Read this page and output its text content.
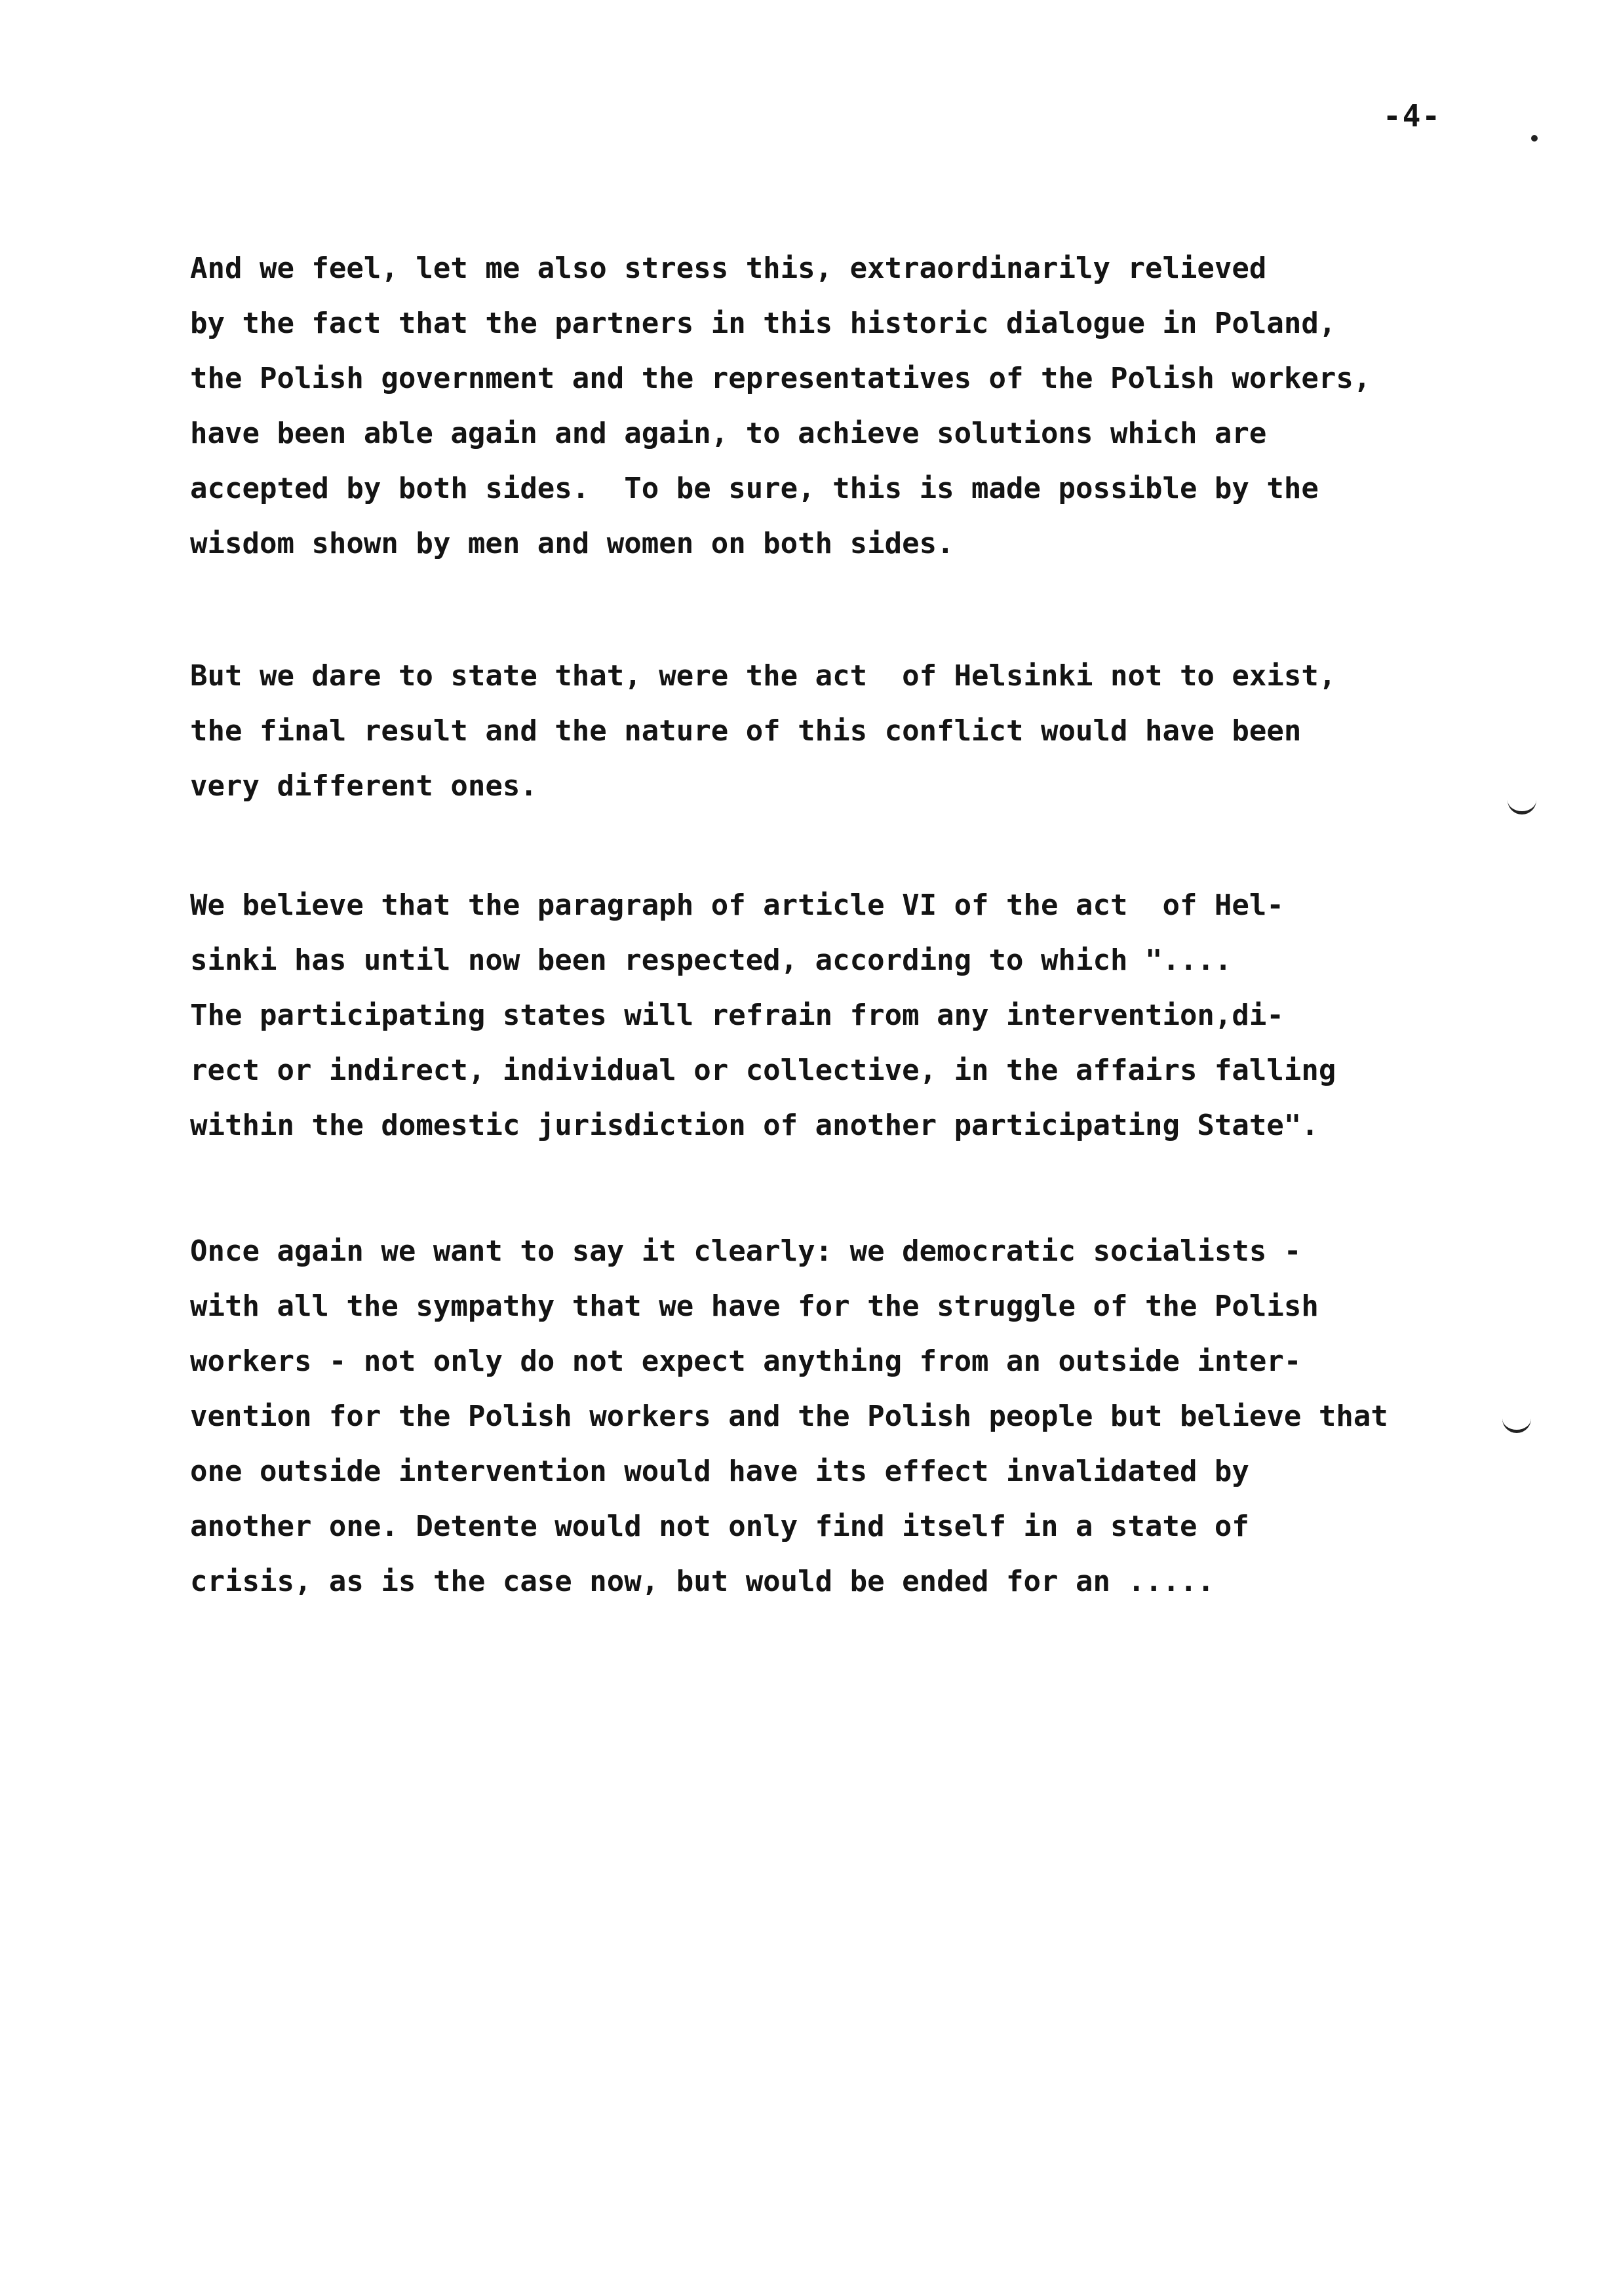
-4-
And we feel, let me also stress this, extraordinarily relieved
by the fact that the partners in this historic dialogue in Poland,
the Polish government and the representatives of the Polish workers,
have been able again and again, to achieve solutions which are
accepted by both sides.  To be sure, this is made possible by the
wisdom shown by men and women on both sides.
But we dare to state that, were the act  of Helsinki not to exist,
the final result and the nature of this conflict would have been
very different ones.
We believe that the paragraph of article VI of the act  of Hel-
sinki has until now been respected, according to which "....
The participating states will refrain from any intervention,di-
rect or indirect, individual or collective, in the affairs falling
within the domestic jurisdiction of another participating State".
Once again we want to say it clearly: we democratic socialists -
with all the sympathy that we have for the struggle of the Polish
workers - not only do not expect anything from an outside inter-
vention for the Polish workers and the Polish people but believe that
one outside intervention would have its effect invalidated by
another one. Detente would not only find itself in a state of
crisis, as is the case now, but would be ended for an .....
